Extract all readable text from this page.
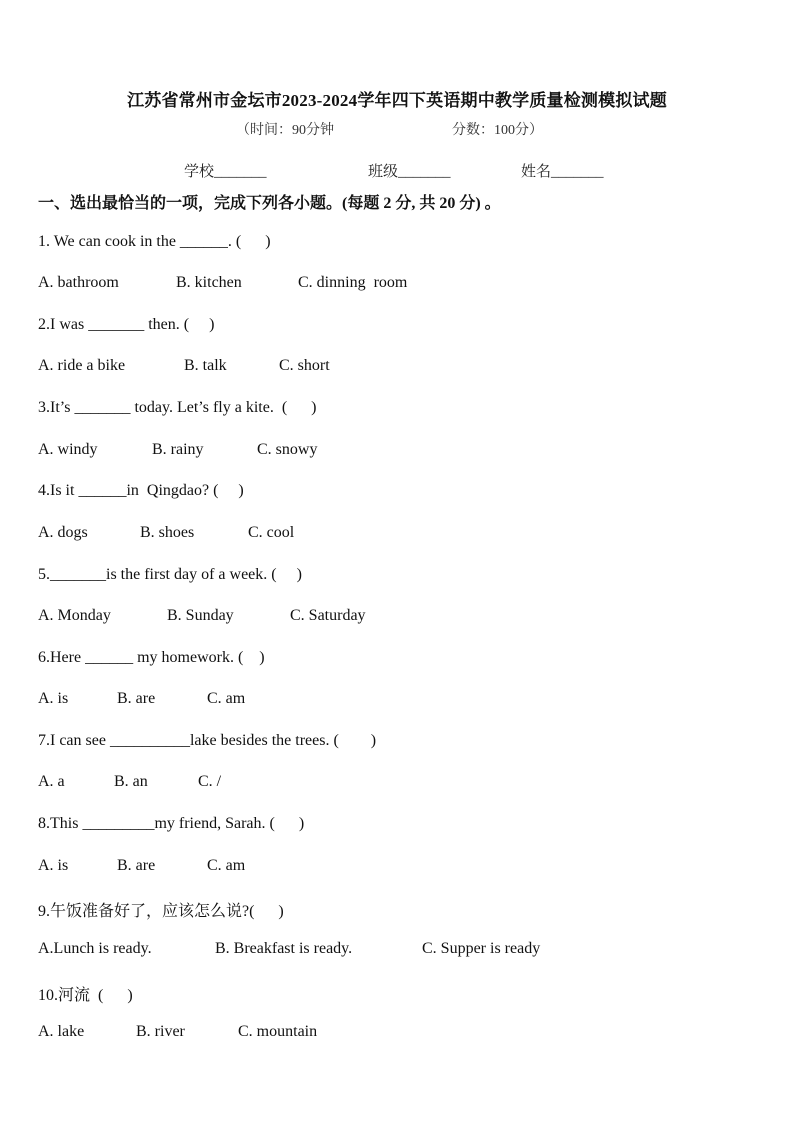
江苏省常州市金坛市2023-2024学年四下英语期中教学质量检测模拟试题
（时间：90分钟	分数：100分）
学校_______	班级_______	姓名_______
一、选出最恰当的一项，完成下列各小题。(每题 2 分, 共 20 分) 。
1. We can cook in the ______. (      )
A. bathroom	B. kitchen	C. dinning  room
2.I was _______ then. (     )
A. ride a bike	B. talk	C. short
3.It’s _______ today. Let’s fly a kite.  (      )
A. windy	B. rainy	C. snowy
4.Is it ______in  Qingdao? (     )
A. dogs	B. shoes	C. cool
5._______is the first day of a week. (     )
A. Monday	B. Sunday	C. Saturday
6.Here ______ my homework. (    )
A. is	B. are	C. am
7.I can see __________lake besides the trees. (        )
A. a	B. an	C. /
8.This _________my friend, Sarah. (      )
A. is	B. are	C. am
9.午饭准备好了，应该怎么说?(      )
A.Lunch is ready.	B. Breakfast is ready.	C. Supper is ready
10.河流  (      )
A. lake	B. river	C. mountain
